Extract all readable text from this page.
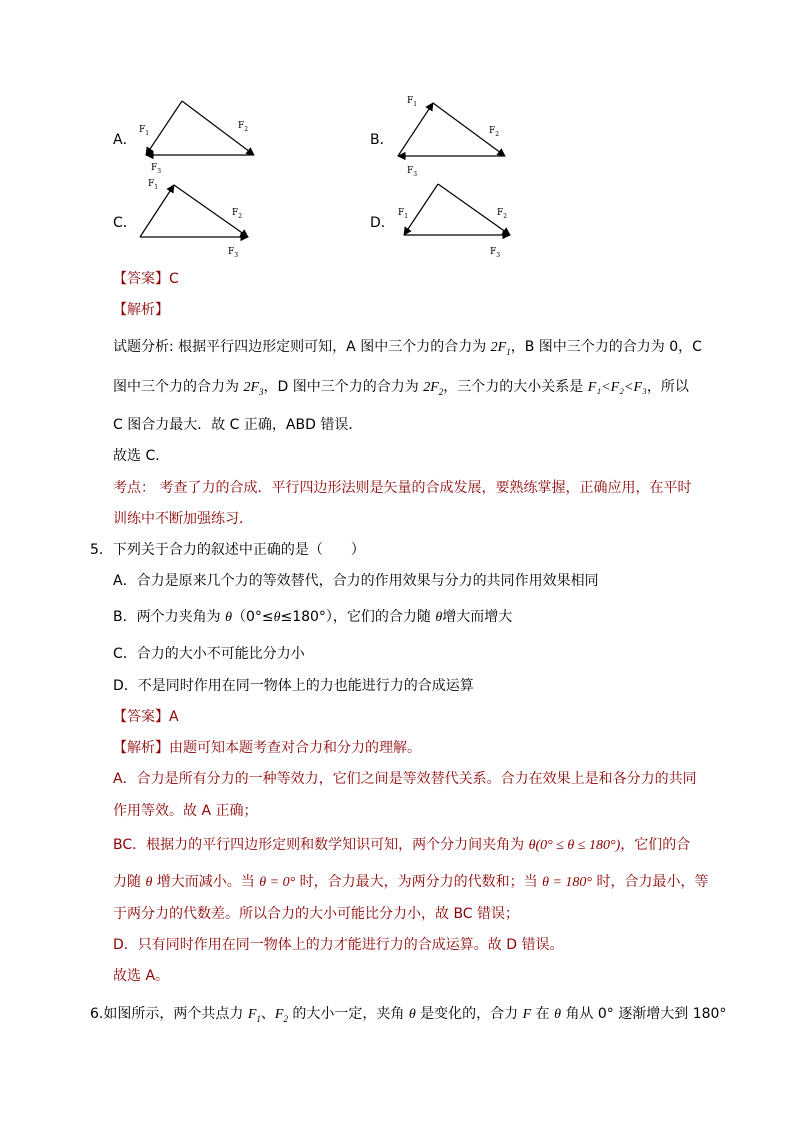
A．	B．
C．	D．
$F_1$
$F_2$
$F_3$
$F_1$
$F_2$
$F_3$
$F_1$
$F_2$
$F_3$
$F_1$	$F_2$
$F_3$
【答案】C
【解析】
试题分析: 根据平行四边形定则可知，A 图中三个力的合力为 $2F_1$，B 图中三个力的合力为 0，C
图中三个力的合力为 $2F_3$，D 图中三个力的合力为 $2F_2$，三个力的大小关系是 F₁<F₂<F₃，所以
C 图合力最大．故 C 正确，ABD 错误．
故选 C．
考点： 考查了力的合成．平行四边形法则是矢量的合成发展，要熟练掌握，正确应用，在平时
训练中不断加强练习．
5．下列关于合力的叙述中正确的是（　　）
A．合力是原来几个力的等效替代，合力的作用效果与分力的共同作用效果相同
B．两个力夹角为 θ（0°≤θ≤180°），它们的合力随 θ增大而增大
C．合力的大小不可能比分力小
D．不是同时作用在同一物体上的力也能进行力的合成运算
【答案】A
【解析】由题可知本题考查对合力和分力的理解。
A．合力是所有分力的一种等效力，它们之间是等效替代关系。合力在效果上是和各分力的共同
作用等效。故 A 正确；
BC．根据力的平行四边形定则和数学知识可知，两个分力间夹角为 θ(0° ≤ θ ≤ 180°)，它们的合
力随 θ 增大而减小。当 θ = 0° 时，合力最大，为两分力的代数和；当 θ = 180° 时，合力最小，等
于两分力的代数差。所以合力的大小可能比分力小，故 BC 错误；
D．只有同时作用在同一物体上的力才能进行力的合成运算。故 D 错误。
故选 A。
6.如图所示，两个共点力 $F_1$、$F_2$ 的大小一定，夹角 θ 是变化的，合力 F 在 θ 角从 0° 逐渐增大到 180°
